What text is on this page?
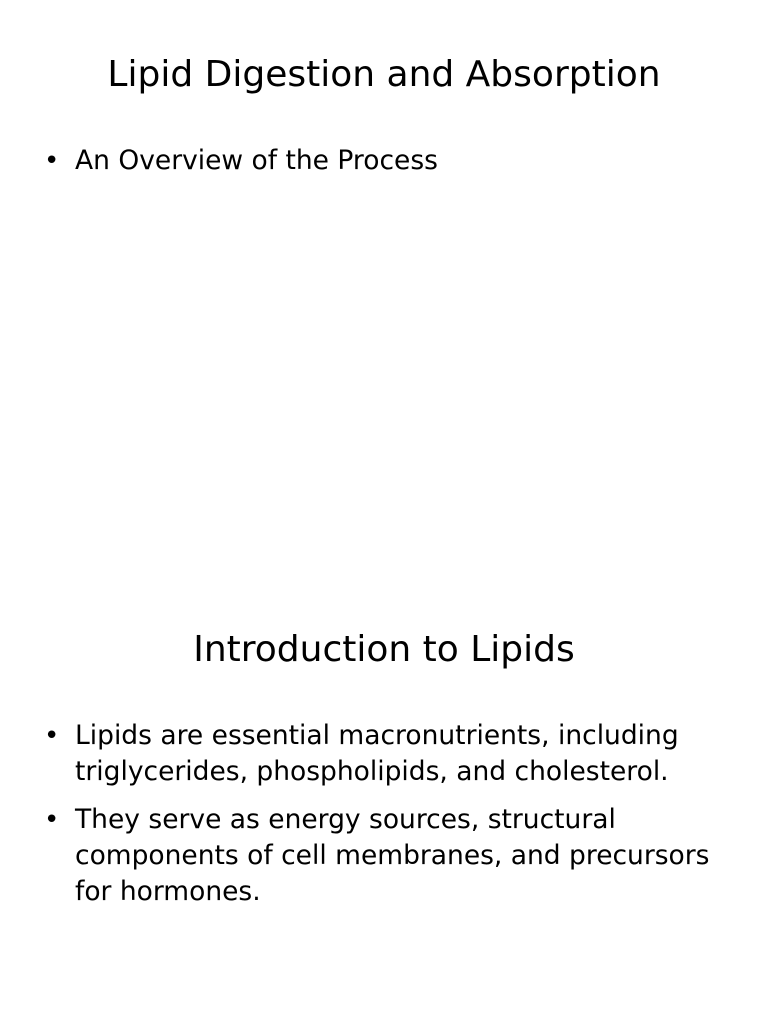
Lipid Digestion and Absorption
• An Overview of the Process
Introduction to Lipids
• Lipids are essential macronutrients, including triglycerides, phospholipids, and cholesterol.
• They serve as energy sources, structural components of cell membranes, and precursors for hormones.
